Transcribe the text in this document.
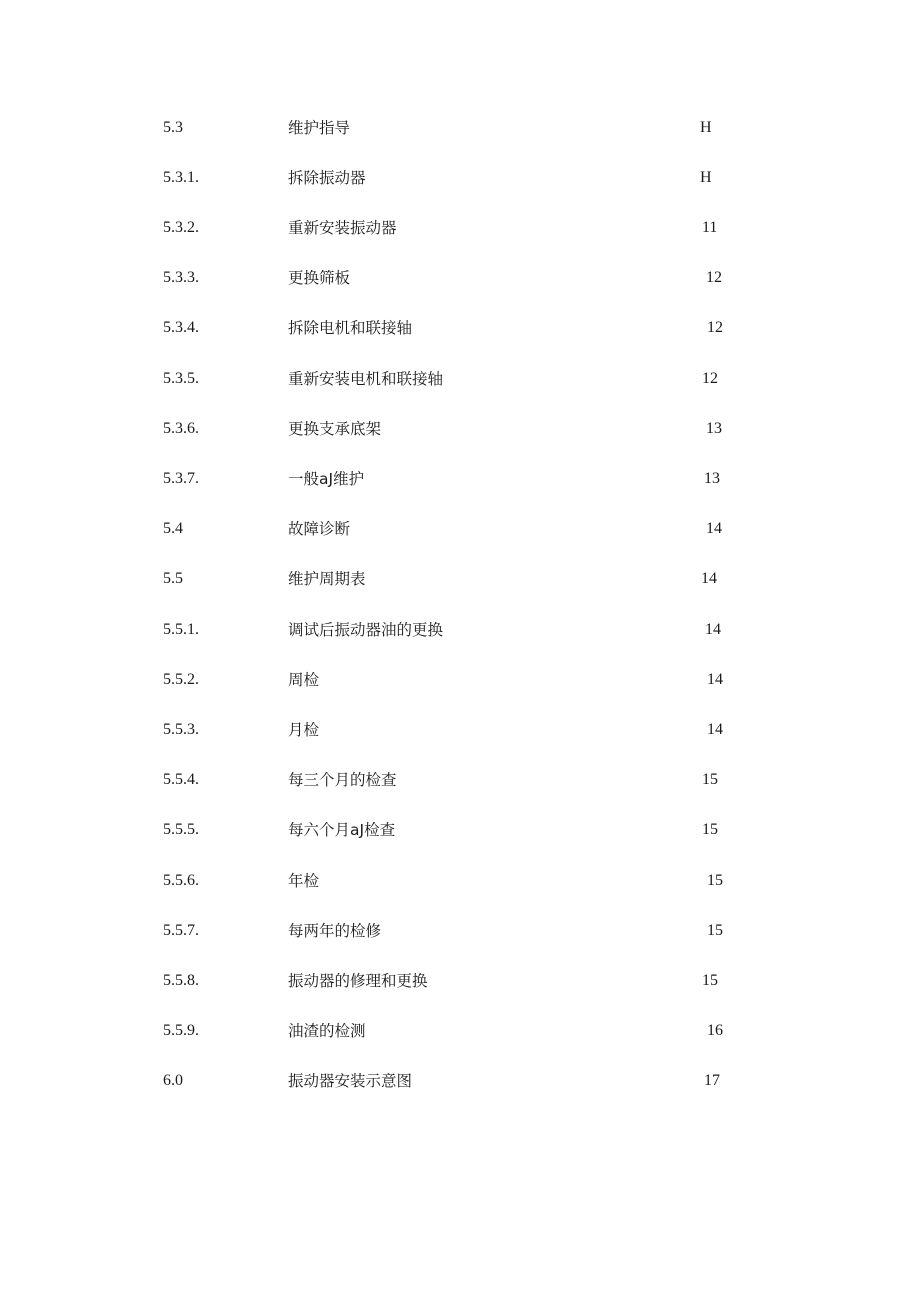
5.3	维护指导	H
5.3.1.	拆除振动器	H
5.3.2.	重新安装振动器	11
5.3.3.	更换筛板	12
5.3.4.	拆除电机和联接轴	12
5.3.5.	重新安装电机和联接轴	12
5.3.6.	更换支承底架	13
5.3.7.	一般aJ维护	13
5.4	故障诊断	14
5.5	维护周期表	14
5.5.1.	调试后振动器油的更换	14
5.5.2.	周检	14
5.5.3.	月检	14
5.5.4.	每三个月的检查	15
5.5.5.	每六个月aJ检查	15
5.5.6.	年检	15
5.5.7.	每两年的检修	15
5.5.8.	振动器的修理和更换	15
5.5.9.	油渣的检测	16
6.0	振动器安装示意图	17
